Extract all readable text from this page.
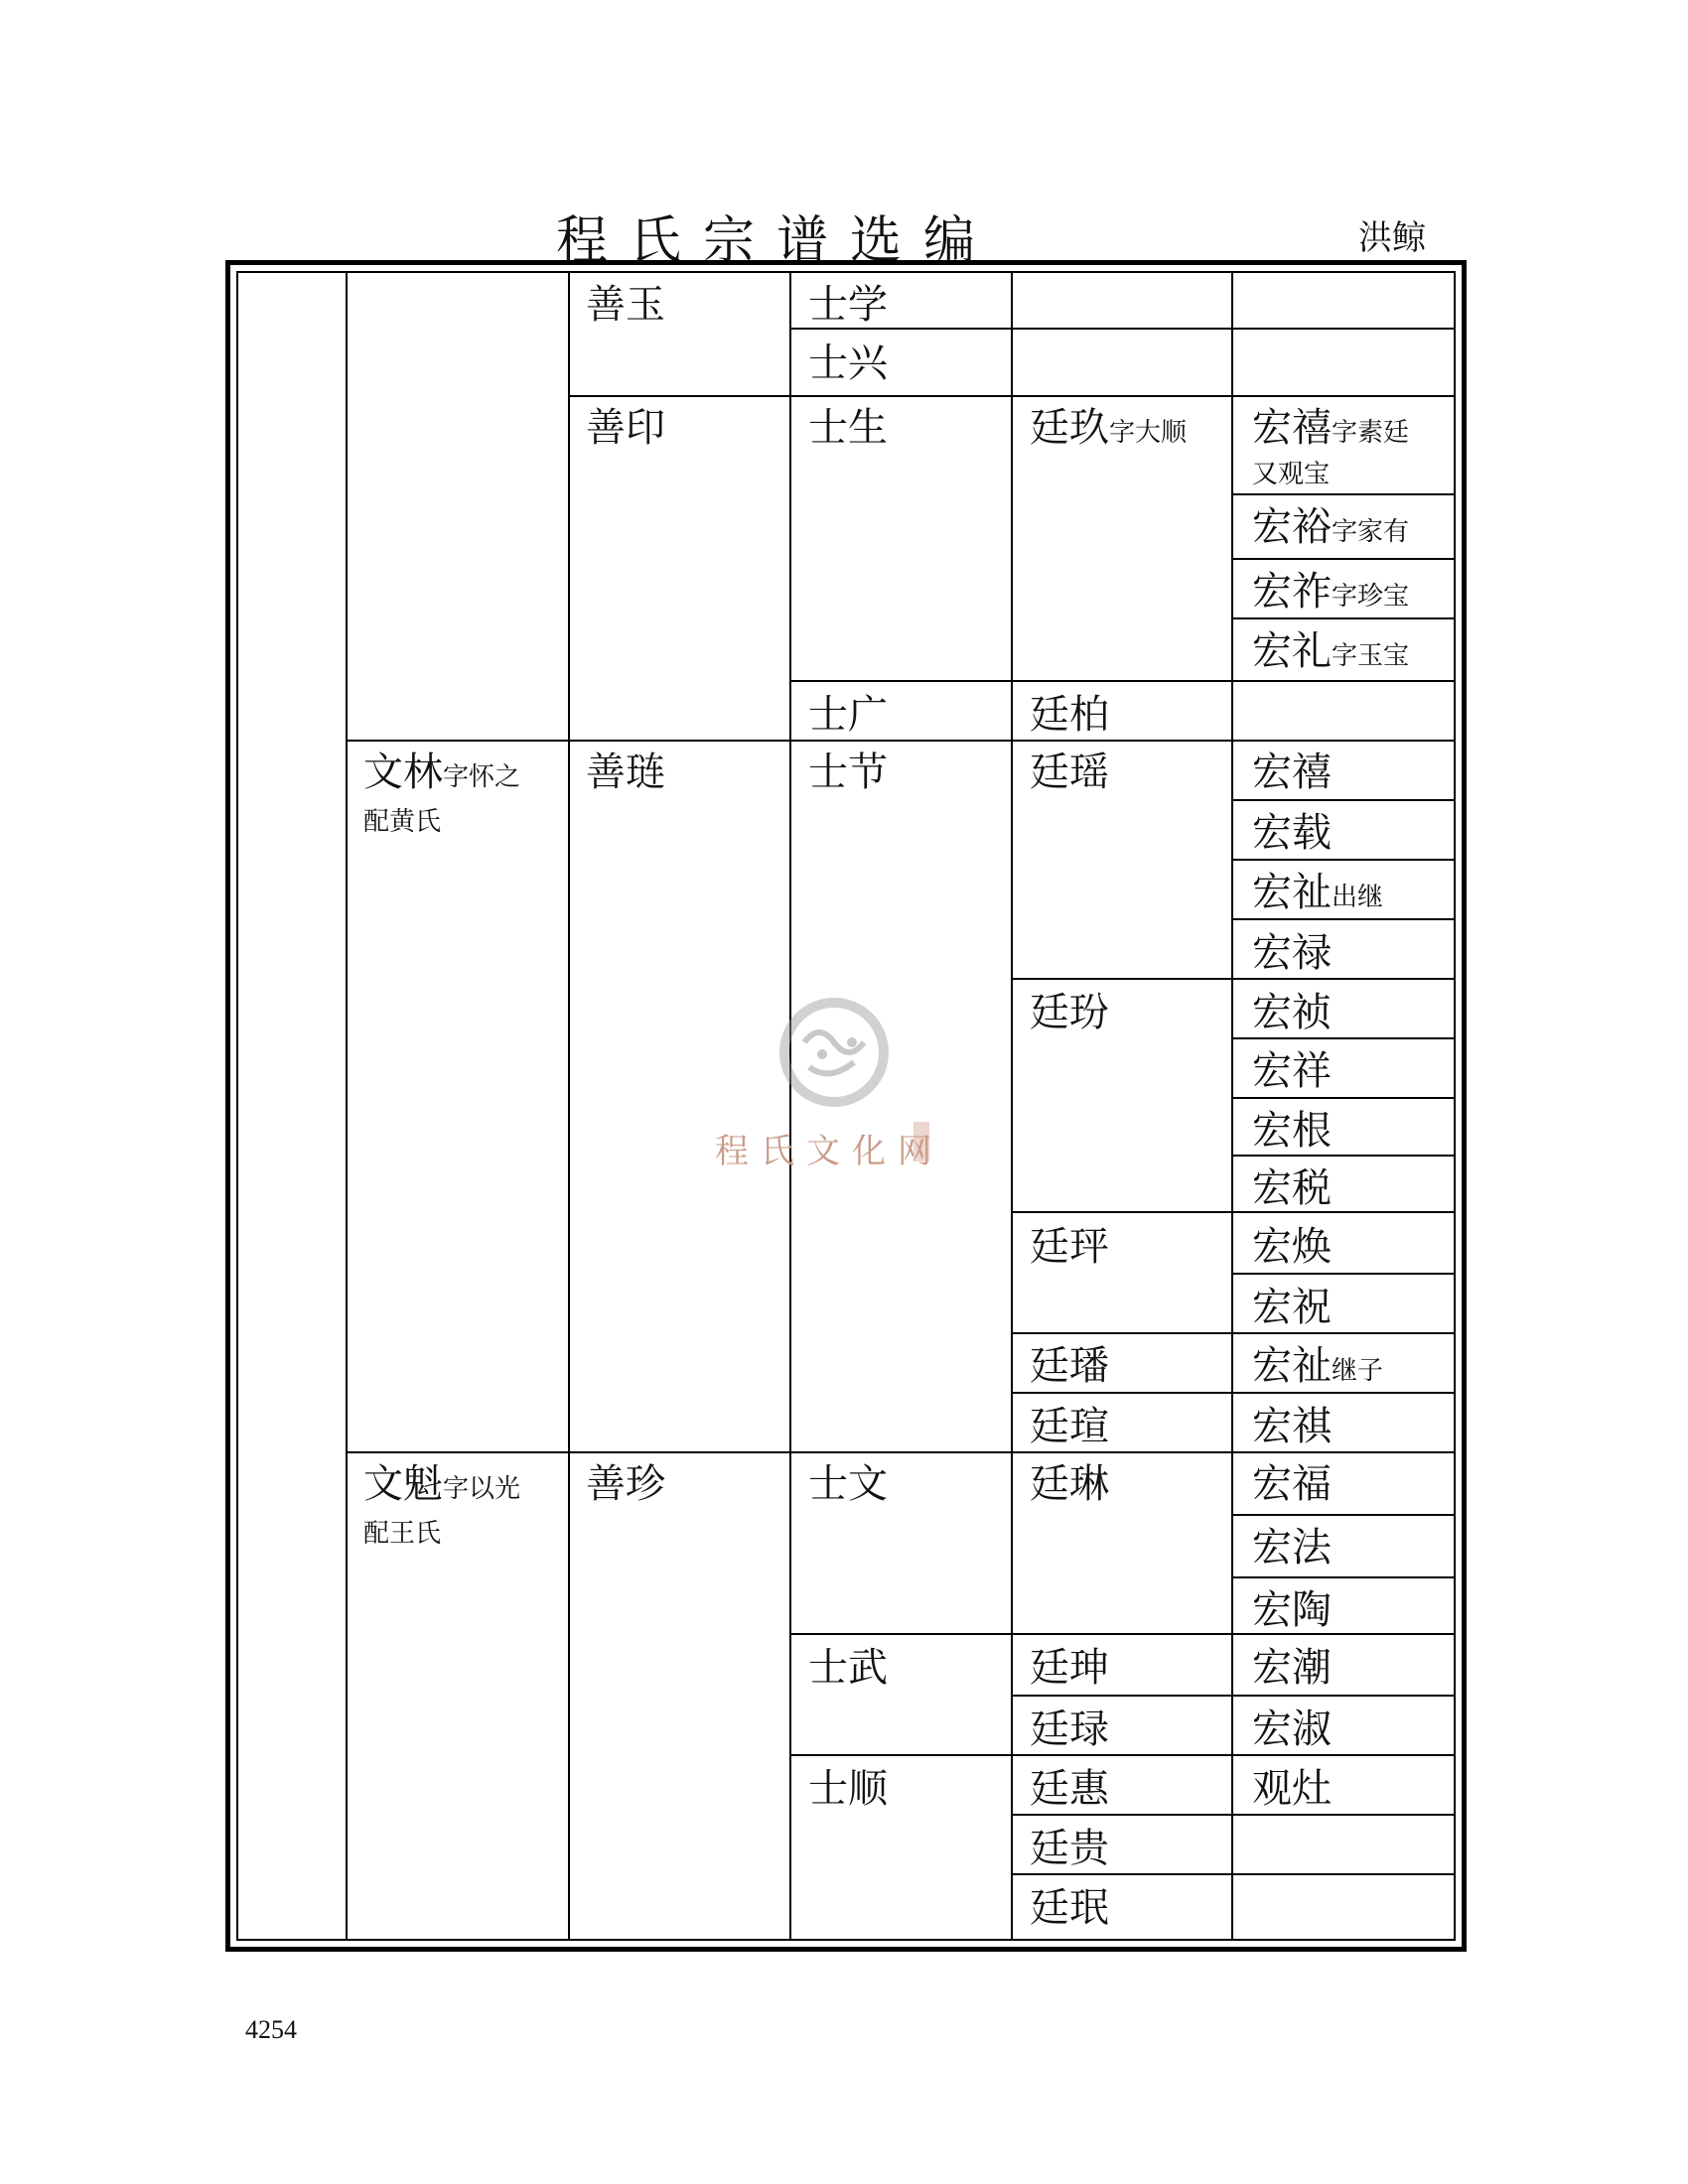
程氏宗谱选编	洪鲸
程氏文化网
善玉
善印
善琏
善珍
文林字怀之
配黄氏
文魁字以光
配王氏
士学
士兴
士生
士广
士节
士文
士武
士顺
廷玖字大顺
廷柏
廷瑶
廷玢
廷玶
廷璠
廷瑄
廷琳
廷珅
廷琭
廷惠
廷贵
廷珉
宏禧字素廷
又观宝
宏裕字家有
宏祚字珍宝
宏礼字玉宝
宏禧
宏载
宏祉出继
宏禄
宏祯
宏祥
宏根
宏税
宏焕
宏祝
宏祉继子
宏祺
宏福
宏法
宏陶
宏潮
宏淑
观灶
4254
